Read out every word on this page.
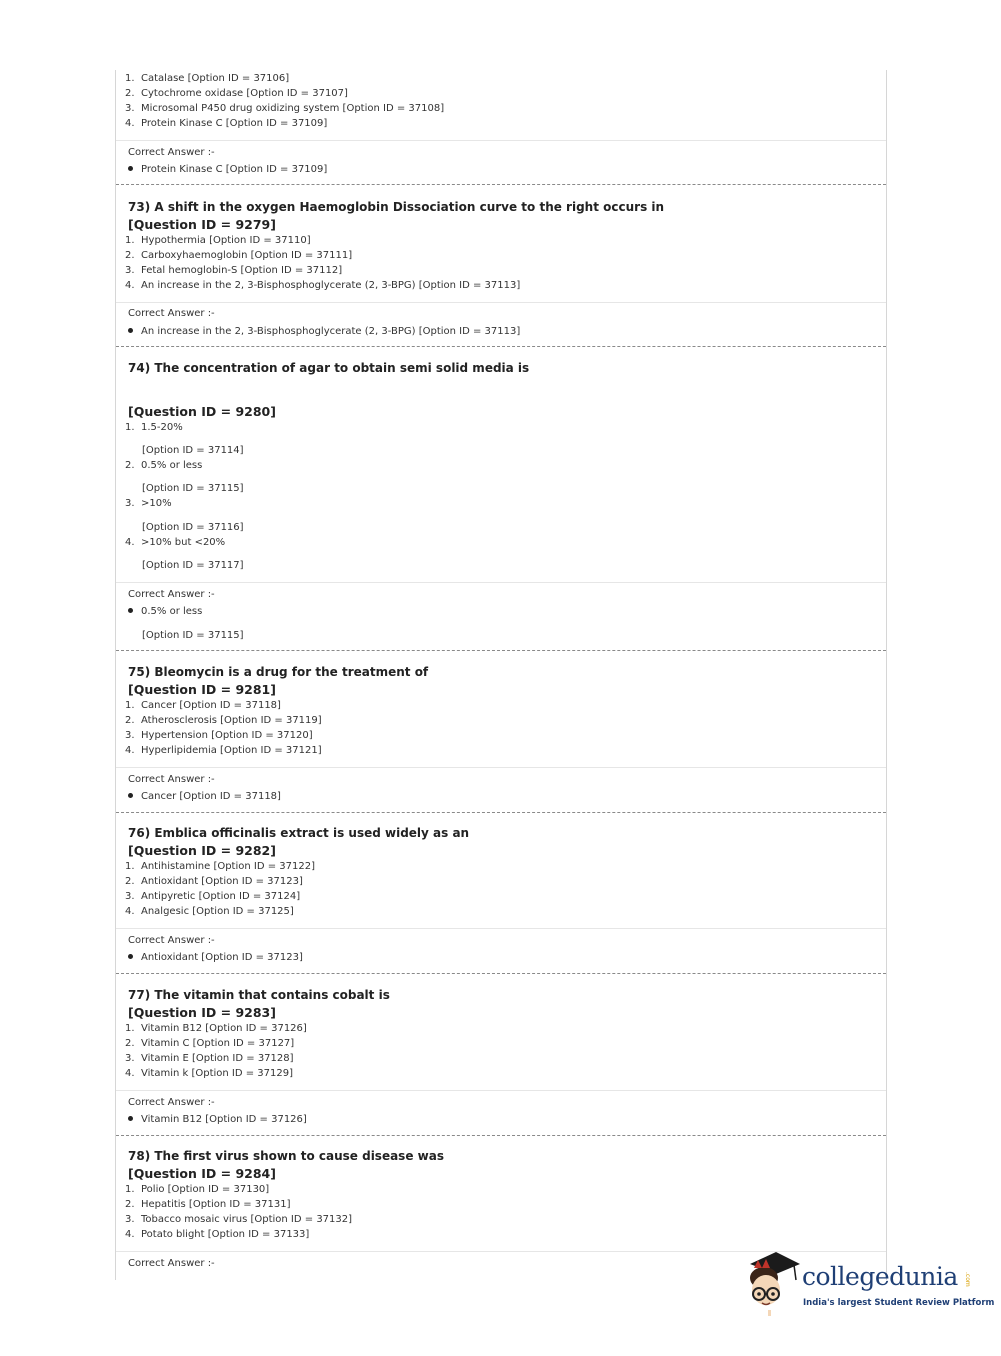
1. Catalase [Option ID = 37106]
2. Cytochrome oxidase [Option ID = 37107]
3. Microsomal P450 drug oxidizing system [Option ID = 37108]
4. Protein Kinase C [Option ID = 37109]
Correct Answer :-
Protein Kinase C [Option ID = 37109]
73) A shift in the oxygen Haemoglobin Dissociation curve to the right occurs in
[Question ID = 9279]
1. Hypothermia [Option ID = 37110]
2. Carboxyhaemoglobin [Option ID = 37111]
3. Fetal hemoglobin-S [Option ID = 37112]
4. An increase in the 2, 3-Bisphosphoglycerate (2, 3-BPG) [Option ID = 37113]
Correct Answer :-
An increase in the 2, 3-Bisphosphoglycerate (2, 3-BPG) [Option ID = 37113]
74) The concentration of agar to obtain semi solid media is
[Question ID = 9280]
1. 1.5-20%
[Option ID = 37114]
2. 0.5% or less
[Option ID = 37115]
3. >10%
[Option ID = 37116]
4. >10% but <20%
[Option ID = 37117]
Correct Answer :-
0.5% or less
[Option ID = 37115]
75) Bleomycin is a drug for the treatment of
[Question ID = 9281]
1. Cancer [Option ID = 37118]
2. Atherosclerosis [Option ID = 37119]
3. Hypertension [Option ID = 37120]
4. Hyperlipidemia [Option ID = 37121]
Correct Answer :-
Cancer [Option ID = 37118]
76) Emblica officinalis extract is used widely as an
[Question ID = 9282]
1. Antihistamine [Option ID = 37122]
2. Antioxidant [Option ID = 37123]
3. Antipyretic [Option ID = 37124]
4. Analgesic [Option ID = 37125]
Correct Answer :-
Antioxidant [Option ID = 37123]
77) The vitamin that contains cobalt is
[Question ID = 9283]
1. Vitamin B12 [Option ID = 37126]
2. Vitamin C [Option ID = 37127]
3. Vitamin E [Option ID = 37128]
4. Vitamin k [Option ID = 37129]
Correct Answer :-
Vitamin B12 [Option ID = 37126]
78) The first virus shown to cause disease was
[Question ID = 9284]
1. Polio [Option ID = 37130]
2. Hepatitis [Option ID = 37131]
3. Tobacco mosaic virus [Option ID = 37132]
4. Potato blight [Option ID = 37133]
Correct Answer :-	collegedunia .com
India's largest Student Review Platform
